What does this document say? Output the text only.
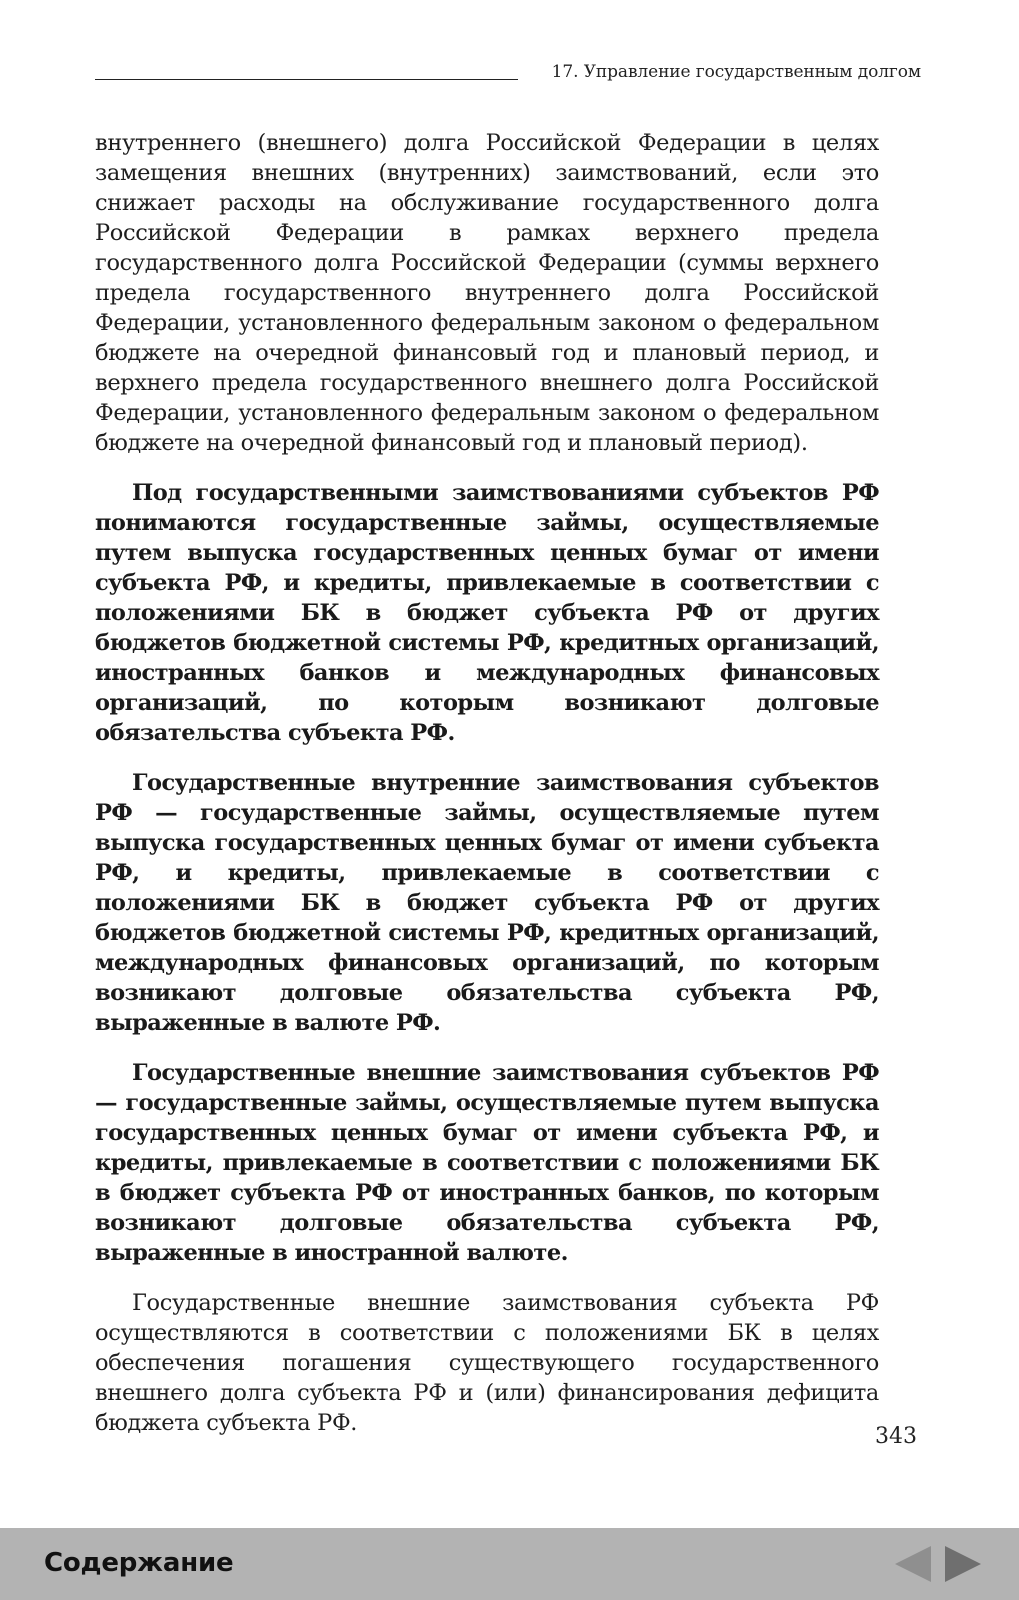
17. Управление государственным долгом

внутреннего (внешнего) долга Российской Федерации в целях замещения внешних (внутренних) заимствований, если это снижает расходы на обслуживание государственного долга Российской Федерации в рамках верхнего предела государственного долга Российской Федерации (суммы верхнего предела государственного внутреннего долга Российской Федерации, установленного федеральным законом о федеральном бюджете на очередной финансовый год и плановый период, и верхнего предела государственного внешнего долга Российской Федерации, установленного федеральным законом о федеральном бюджете на очередной финансовый год и плановый период).

Под государственными заимствованиями субъектов РФ понимаются государственные займы, осуществляемые путем выпуска государственных ценных бумаг от имени субъекта РФ, и кредиты, привлекаемые в соответствии с положениями БК в бюджет субъекта РФ от других бюджетов бюджетной системы РФ, кредитных организаций, иностранных банков и международных финансовых организаций, по которым возникают долговые обязательства субъекта РФ.

Государственные внутренние заимствования субъектов РФ — государственные займы, осуществляемые путем выпуска государственных ценных бумаг от имени субъекта РФ, и кредиты, привлекаемые в соответствии с положениями БК в бюджет субъекта РФ от других бюджетов бюджетной системы РФ, кредитных организаций, международных финансовых организаций, по которым возникают долговые обязательства субъекта РФ, выраженные в валюте РФ.

Государственные внешние заимствования субъектов РФ — государственные займы, осуществляемые путем выпуска государственных ценных бумаг от имени субъекта РФ, и кредиты, привлекаемые в соответствии с положениями БК в бюджет субъекта РФ от иностранных банков, по которым возникают долговые обязательства субъекта РФ, выраженные в иностранной валюте.

Государственные внешние заимствования субъекта РФ осуществляются в соответствии с положениями БК в целях обеспечения погашения существующего государственного внешнего долга субъекта РФ и (или) финансирования дефицита бюджета субъекта РФ.

343
Содержание
